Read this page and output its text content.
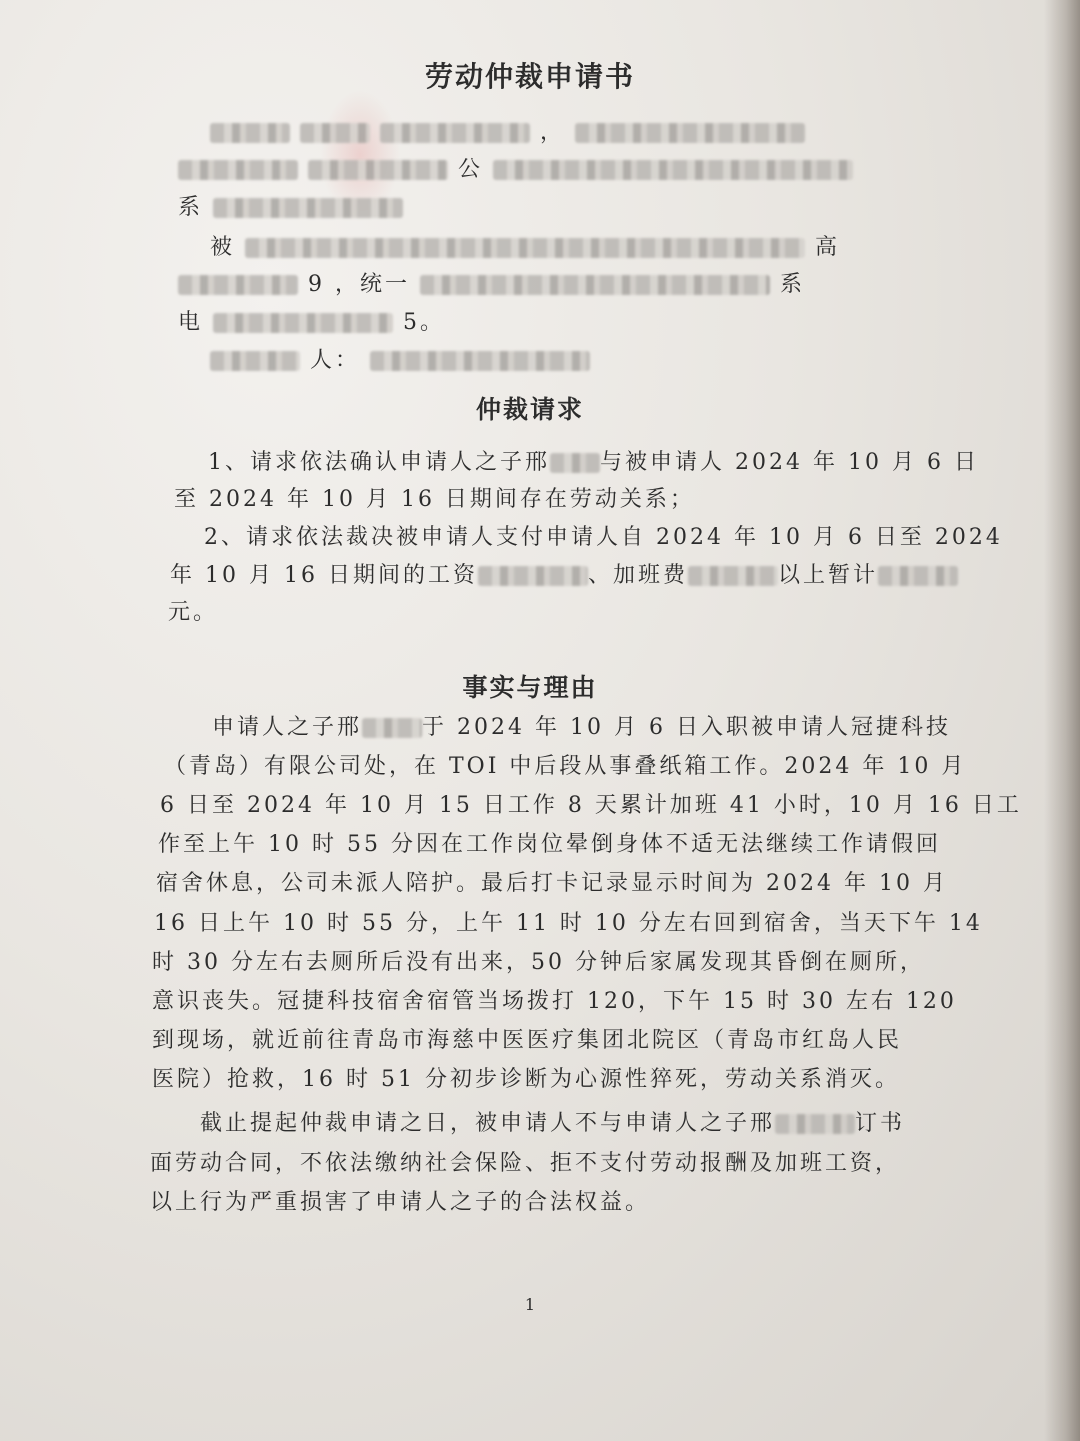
劳动仲裁申请书
，
公
系
被	高
9 ，统一	系
电	5。
人：
仲裁请求
1、请求依法确认申请人之子邢 与被申请人 2024 年 10 月 6 日
至 2024 年 10 月 16 日期间存在劳动关系；
2、请求依法裁决被申请人支付申请人自 2024 年 10 月 6 日至 2024
年 10 月 16 日期间的工资	、加班费	以上暂计
元。
事实与理由
申请人之子邢	于 2024 年 10 月 6 日入职被申请人冠捷科技
（青岛）有限公司处，在 TOI 中后段从事叠纸箱工作。2024 年 10 月
6 日至 2024 年 10 月 15 日工作 8 天累计加班 41 小时，10 月 16 日工
作至上午 10 时 55 分因在工作岗位晕倒身体不适无法继续工作请假回
宿舍休息，公司未派人陪护。最后打卡记录显示时间为 2024 年 10 月
16 日上午 10 时 55 分，上午 11 时 10 分左右回到宿舍，当天下午 14
时 30 分左右去厕所后没有出来，50 分钟后家属发现其昏倒在厕所，
意识丧失。冠捷科技宿舍宿管当场拨打 120，下午 15 时 30 左右 120
到现场，就近前往青岛市海慈中医医疗集团北院区（青岛市红岛人民
医院）抢救，16 时 51 分初步诊断为心源性猝死，劳动关系消灭。
截止提起仲裁申请之日，被申请人不与申请人之子邢	订书
面劳动合同，不依法缴纳社会保险、拒不支付劳动报酬及加班工资，
以上行为严重损害了申请人之子的合法权益。
1
